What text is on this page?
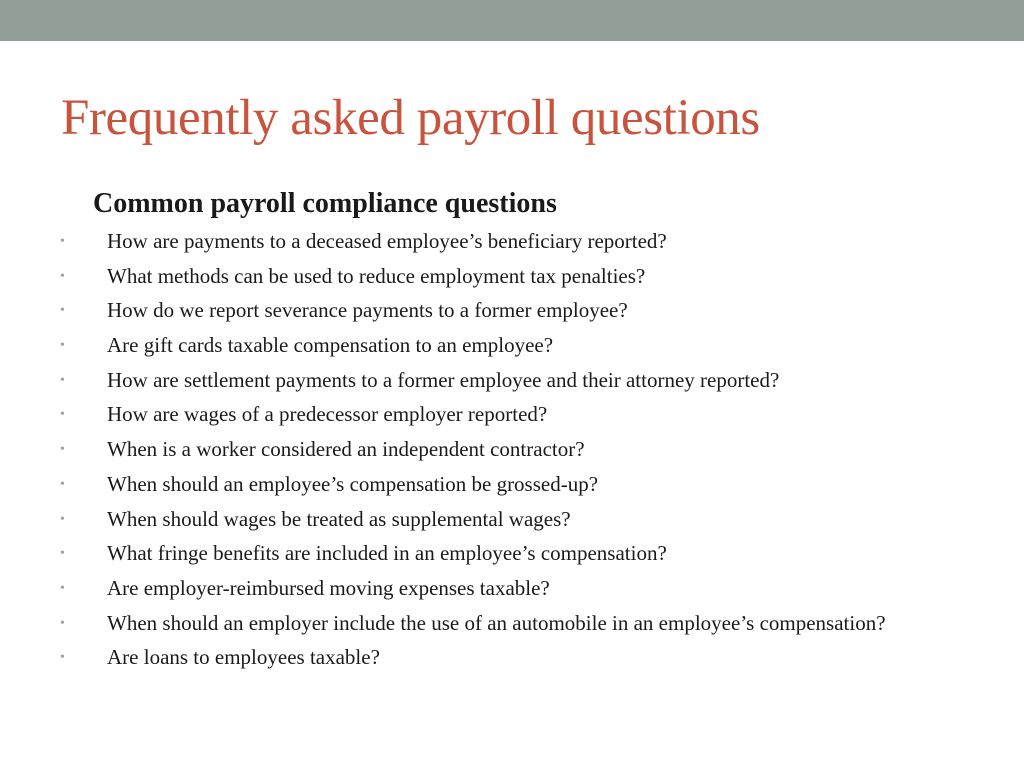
Frequently asked payroll questions
Common payroll compliance questions
• How are payments to a deceased employee’s beneficiary reported?
• What methods can be used to reduce employment tax penalties?
• How do we report severance payments to a former employee?
• Are gift cards taxable compensation to an employee?
• How are settlement payments to a former employee and their attorney reported?
• How are wages of a predecessor employer reported?
• When is a worker considered an independent contractor?
• When should an employee’s compensation be grossed-up?
• When should wages be treated as supplemental wages?
• What fringe benefits are included in an employee’s compensation?
• Are employer-reimbursed moving expenses taxable?
• When should an employer include the use of an automobile in an employee’s compensation?
• Are loans to employees taxable?
